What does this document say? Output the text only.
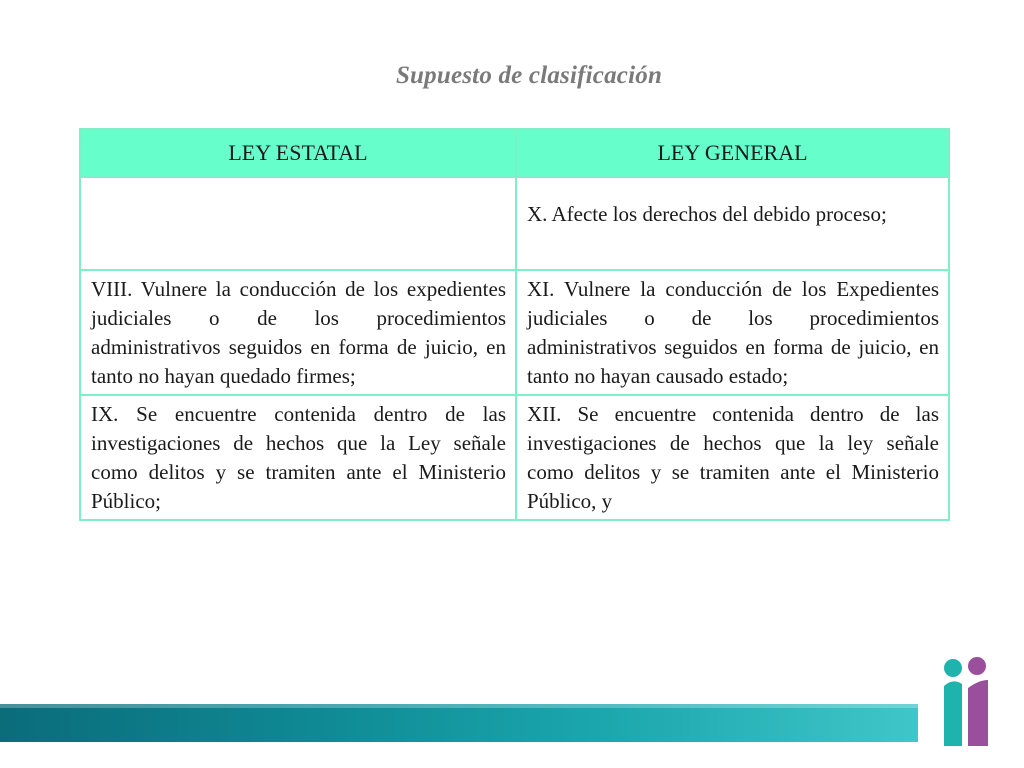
Supuesto de clasificación
LEY ESTATAL	LEY GENERAL

	X. Afecte los derechos del debido proceso;

VIII. Vulnere la conducción de los expedientes judiciales o de los procedimientos administrativos seguidos en forma de juicio, en tanto no hayan quedado firmes;	XI. Vulnere la conducción de los Expedientes judiciales o de los procedimientos administrativos seguidos en forma de juicio, en tanto no hayan causado estado;

IX. Se encuentre contenida dentro de las investigaciones de hechos que la Ley señale como delitos y se tramiten ante el Ministerio Público;	XII. Se encuentre contenida dentro de las investigaciones de hechos que la ley señale como delitos y se tramiten ante el Ministerio Público, y
